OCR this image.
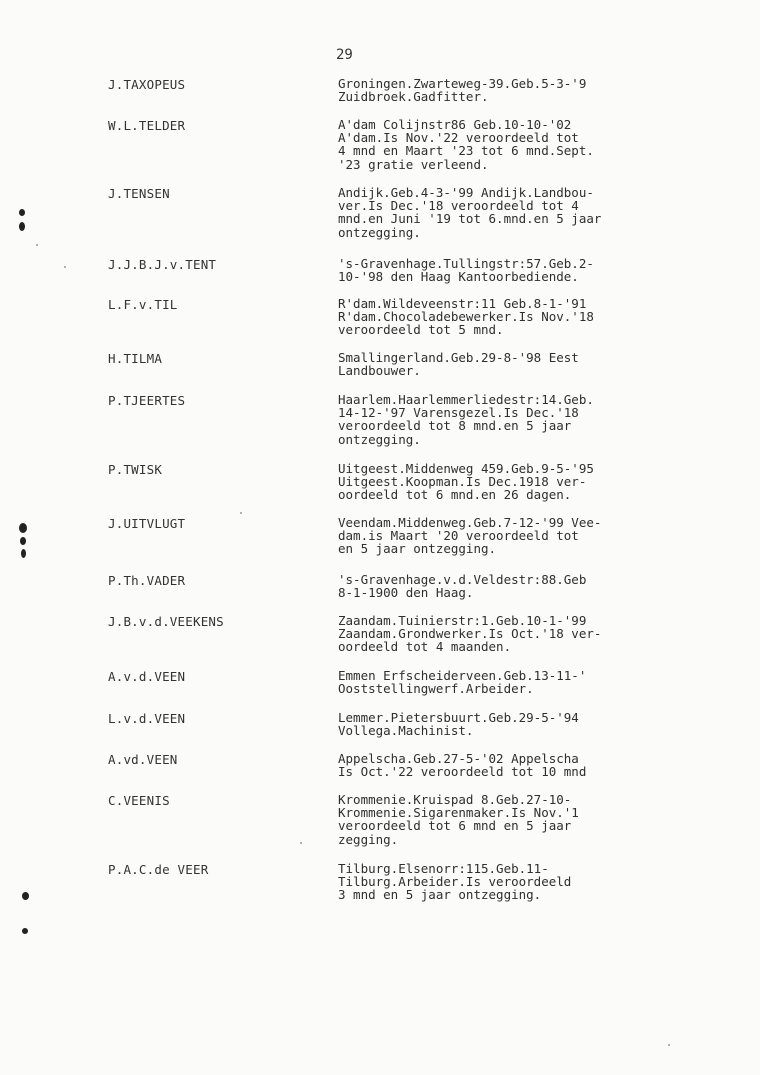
29
J.TAXOPEUS	Groningen.Zwarteweg-39.Geb.5-3-'9
Zuidbroek.Gadfitter.
W.L.TELDER	A'dam Colijnstr86 Geb.10-10-'02
A'dam.Is Nov.'22 veroordeeld tot
4 mnd en Maart '23 tot 6 mnd.Sept.
'23 gratie verleend.
J.TENSEN	Andijk.Geb.4-3-'99 Andijk.Landbou-
ver.Is Dec.'18 veroordeeld tot 4
mnd.en Juni '19 tot 6.mnd.en 5 jaar
ontzegging.
J.J.B.J.v.TENT	's-Gravenhage.Tullingstr:57.Geb.2-
10-'98 den Haag Kantoorbediende.
L.F.v.TIL	R'dam.Wildeveenstr:11 Geb.8-1-'91
R'dam.Chocoladebewerker.Is Nov.'18
veroordeeld tot 5 mnd.
H.TILMA	Smallingerland.Geb.29-8-'98 Eest
Landbouwer.
P.TJEERTES	Haarlem.Haarlemmerliedestr:14.Geb.
14-12-'97 Varensgezel.Is Dec.'18
veroordeeld tot 8 mnd.en 5 jaar
ontzegging.
P.TWISK	Uitgeest.Middenweg 459.Geb.9-5-'95
Uitgeest.Koopman.Is Dec.1918 ver-
oordeeld tot 6 mnd.en 26 dagen.
J.UITVLUGT	Veendam.Middenweg.Geb.7-12-'99 Vee-
dam.is Maart '20 veroordeeld tot
en 5 jaar ontzegging.
P.Th.VADER	's-Gravenhage.v.d.Veldestr:88.Geb
8-1-1900 den Haag.
J.B.v.d.VEEKENS	Zaandam.Tuinierstr:1.Geb.10-1-'99
Zaandam.Grondwerker.Is Oct.'18 ver-
oordeeld tot 4 maanden.
A.v.d.VEEN	Emmen Erfscheiderveen.Geb.13-11-'
Ooststellingwerf.Arbeider.
L.v.d.VEEN	Lemmer.Pietersbuurt.Geb.29-5-'94
Vollega.Machinist.
A.vd.VEEN	Appelscha.Geb.27-5-'02 Appelscha
Is Oct.'22 veroordeeld tot 10 mnd
C.VEENIS	Krommenie.Kruispad 8.Geb.27-10-
Krommenie.Sigarenmaker.Is Nov.'1
veroordeeld tot 6 mnd en 5 jaar
zegging.
P.A.C.de VEER	Tilburg.Elsenorr:115.Geb.11-
Tilburg.Arbeider.Is veroordeeld
3 mnd en 5 jaar ontzegging.
